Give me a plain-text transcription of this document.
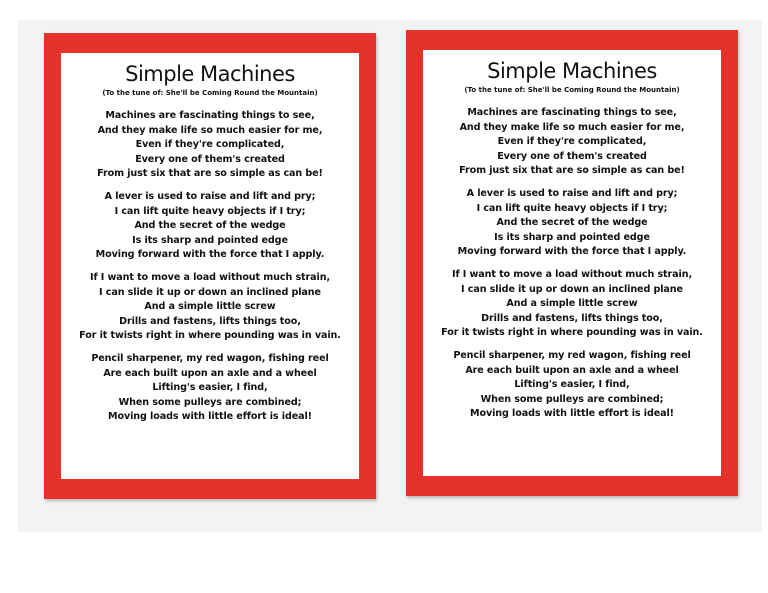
Simple Machines
(To the tune of: She'll be Coming Round the Mountain)
Machines are fascinating things to see,
And they make life so much easier for me,
Even if they're complicated,
Every one of them's created
From just six that are so simple as can be!
A lever is used to raise and lift and pry;
I can lift quite heavy objects if I try;
And the secret of the wedge
Is its sharp and pointed edge
Moving forward with the force that I apply.
If I want to move a load without much strain,
I can slide it up or down an inclined plane
And a simple little screw
Drills and fastens, lifts things too,
For it twists right in where pounding was in vain.
Pencil sharpener, my red wagon, fishing reel
Are each built upon an axle and a wheel
Lifting's easier, I find,
When some pulleys are combined;
Moving loads with little effort is ideal!
Simple Machines
(To the tune of: She'll be Coming Round the Mountain)
Machines are fascinating things to see,
And they make life so much easier for me,
Even if they're complicated,
Every one of them's created
From just six that are so simple as can be!
A lever is used to raise and lift and pry;
I can lift quite heavy objects if I try;
And the secret of the wedge
Is its sharp and pointed edge
Moving forward with the force that I apply.
If I want to move a load without much strain,
I can slide it up or down an inclined plane
And a simple little screw
Drills and fastens, lifts things too,
For it twists right in where pounding was in vain.
Pencil sharpener, my red wagon, fishing reel
Are each built upon an axle and a wheel
Lifting's easier, I find,
When some pulleys are combined;
Moving loads with little effort is ideal!
